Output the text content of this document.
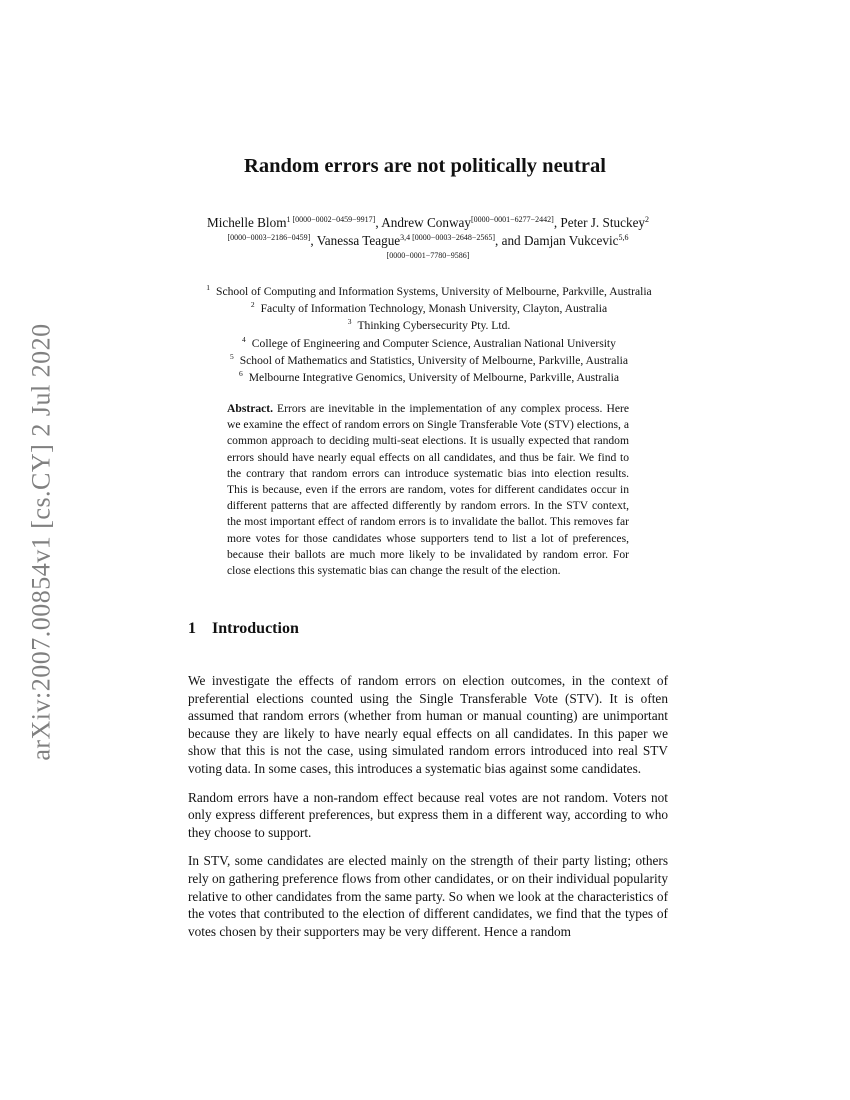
arXiv:2007.00854v1 [cs.CY] 2 Jul 2020
Random errors are not politically neutral
Michelle Blom$^{1 [0000-0002-0459-9917]}$, Andrew Conway[0000−0001−6277−2442], Peter J. Stuckey$^{2 [0000-0003-2186-0459]}$, Vanessa Teague$^{3,4 [0000-0003-2648-2565]}$, and Damjan Vukcevic$^{5,6 [0000-0001-7780-9586]}$
$^1$ School of Computing and Information Systems, University of Melbourne, Parkville, Australia
$^2$ Faculty of Information Technology, Monash University, Clayton, Australia
$^3$ Thinking Cybersecurity Pty. Ltd.
$^4$ College of Engineering and Computer Science, Australian National University
$^5$ School of Mathematics and Statistics, University of Melbourne, Parkville, Australia
$^6$ Melbourne Integrative Genomics, University of Melbourne, Parkville, Australia
Abstract. Errors are inevitable in the implementation of any complex process. Here we examine the effect of random errors on Single Transferable Vote (STV) elections, a common approach to deciding multi-seat elections. It is usually expected that random errors should have nearly equal effects on all candidates, and thus be fair. We find to the contrary that random errors can introduce systematic bias into election results. This is because, even if the errors are random, votes for different candidates occur in different patterns that are affected differently by random errors. In the STV context, the most important effect of random errors is to invalidate the ballot. This removes far more votes for those candidates whose supporters tend to list a lot of preferences, because their ballots are much more likely to be invalidated by random error. For close elections this systematic bias can change the result of the election.
1 Introduction

We investigate the effects of random errors on election outcomes, in the context of preferential elections counted using the Single Transferable Vote (STV). It is often assumed that random errors (whether from human or manual counting) are unimportant because they are likely to have nearly equal effects on all candidates. In this paper we show that this is not the case, using simulated random errors introduced into real STV voting data. In some cases, this introduces a systematic bias against some candidates.

Random errors have a non-random effect because real votes are not random. Voters not only express different preferences, but express them in a different way, according to who they choose to support.

In STV, some candidates are elected mainly on the strength of their party listing; others rely on gathering preference flows from other candidates, or on their individual popularity relative to other candidates from the same party. So when we look at the characteristics of the votes that contributed to the election of different candidates, we find that the types of votes chosen by their supporters may be very different. Hence a random
